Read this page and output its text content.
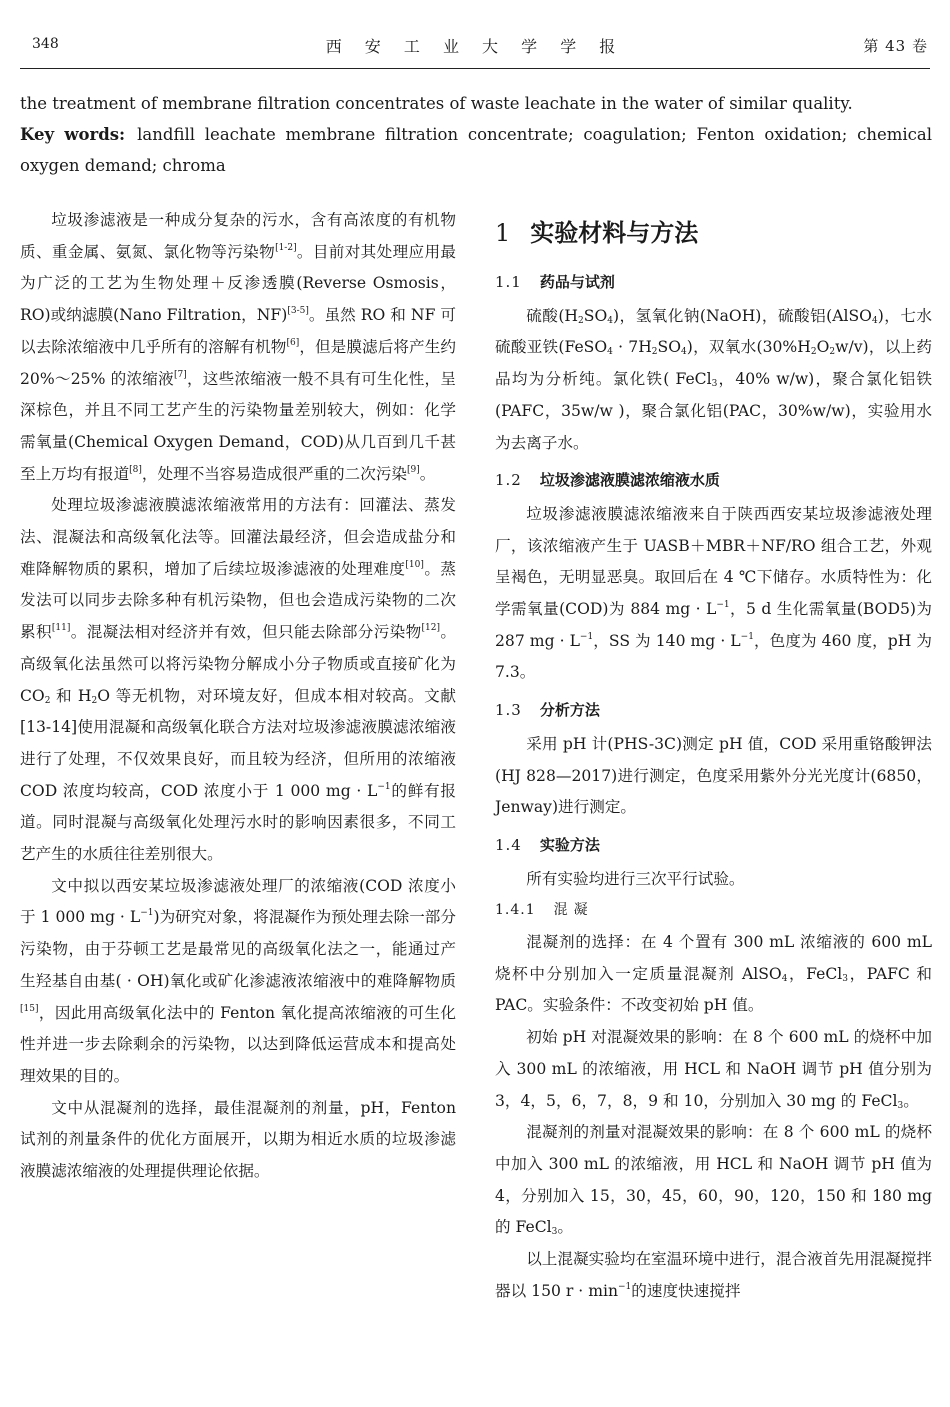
348	西 安 工 业 大 学 学 报	第 43 卷

the treatment of membrane filtration concentrates of waste leachate in the water of similar quality.

Key words: landfill leachate membrane filtration concentrate; coagulation; Fenton oxidation; chemical oxygen demand; chroma

垃圾渗滤液是一种成分复杂的污水，含有高浓度的有机物质、重金属、氨氮、氯化物等污染物[1-2]。目前对其处理应用最为广泛的工艺为生物处理＋反渗透膜(Reverse Osmosis，RO)或纳滤膜(Nano Filtration，NF)[3-5]。虽然 RO 和 NF 可以去除浓缩液中几乎所有的溶解有机物[6]，但是膜滤后将产生约 20%～25% 的浓缩液[7]，这些浓缩液一般不具有可生化性，呈深棕色，并且不同工艺产生的污染物量差别较大，例如：化学需氧量(Chemical Oxygen Demand，COD)从几百到几千甚至上万均有报道[8]，处理不当容易造成很严重的二次污染[9]。

处理垃圾渗滤液膜滤浓缩液常用的方法有：回灌法、蒸发法、混凝法和高级氧化法等。回灌法最经济，但会造成盐分和难降解物质的累积，增加了后续垃圾渗滤液的处理难度[10]。蒸发法可以同步去除多种有机污染物，但也会造成污染物的二次累积[11]。混凝法相对经济并有效，但只能去除部分污染物[12]。高级氧化法虽然可以将污染物分解成小分子物质或直接矿化为 $CO_2$ 和 $H_2O$ 等无机物，对环境友好，但成本相对较高。文献[13-14]使用混凝和高级氧化联合方法对垃圾渗滤液膜滤浓缩液进行了处理，不仅效果良好，而且较为经济，但所用的浓缩液 COD 浓度均较高，COD 浓度小于 1 000 mg · $L^{-1}$的鲜有报道。同时混凝与高级氧化处理污水时的影响因素很多，不同工艺产生的水质往往差别很大。

文中拟以西安某垃圾渗滤液处理厂的浓缩液(COD 浓度小于 1 000 mg · $L^{-1}$)为研究对象，将混凝作为预处理去除一部分污染物，由于芬顿工艺是最常见的高级氧化法之一，能通过产生羟基自由基( · OH)氧化或矿化渗滤液浓缩液中的难降解物质[15]，因此用高级氧化法中的 Fenton 氧化提高浓缩液的可生化性并进一步去除剩余的污染物，以达到降低运营成本和提高处理效果的目的。

文中从混凝剂的选择，最佳混凝剂的剂量，pH，Fenton 试剂的剂量条件的优化方面展开，以期为相近水质的垃圾渗滤液膜滤浓缩液的处理提供理论依据。

1 实验材料与方法
1.1 药品与试剂

硫酸$(H_2SO_4)$，氢氧化钠(NaOH)，硫酸铝(AlSO$_4$)，七水硫酸亚铁(FeSO$_4$ · $7H_2SO_4$)，双氧水$(30\%H_2O_2w/v)$，以上药品均为分析纯。氯化铁( FeCl$_3$，40% w/w)，聚合氯化铝铁(PAFC，35w/w )，聚合氯化铝(PAC，30%w/w)，实验用水为去离子水。

1.2 垃圾渗滤液膜滤浓缩液水质

垃圾渗滤液膜滤浓缩液来自于陕西西安某垃圾渗滤液处理厂，该浓缩液产生于 UASB＋MBR＋NF/RO 组合工艺，外观呈褐色，无明显恶臭。取回后在 4 ℃下储存。水质特性为：化学需氧量(COD)为 884 mg · $L^{-1}$，5 d 生化需氧量(BOD5)为 287 mg · $L^{-1}$，SS 为 140 mg · $L^{-1}$，色度为 460 度，pH 为 7.3。

1.3 分析方法

采用 pH 计(PHS-3C)测定 pH 值，COD 采用重铬酸钾法(HJ 828—2017)进行测定，色度采用紫外分光光度计(6850，Jenway)进行测定。

1.4 实验方法

所有实验均进行三次平行试验。

1.4.1 混凝

混凝剂的选择：在 4 个置有 300 mL 浓缩液的 600 mL 烧杯中分别加入一定质量混凝剂 AlSO$_4$，FeCl$_3$，PAFC 和 PAC。实验条件：不改变初始 pH 值。

初始 pH 对混凝效果的影响：在 8 个 600 mL 的烧杯中加入 300 mL 的浓缩液，用 HCL 和 NaOH 调节 pH 值分别为 3，4，5，6，7，8，9 和 10，分别加入 30 mg 的 FeCl$_3$。

混凝剂的剂量对混凝效果的影响：在 8 个 600 mL 的烧杯中加入 300 mL 的浓缩液，用 HCL 和 NaOH 调节 pH 值为 4，分别加入 15，30，45，60，90，120，150 和 180 mg 的 FeCl$_3$。

以上混凝实验均在室温环境中进行，混合液首先用混凝搅拌器以 150 $r \cdot \min^{-1}$的速度快速搅拌
